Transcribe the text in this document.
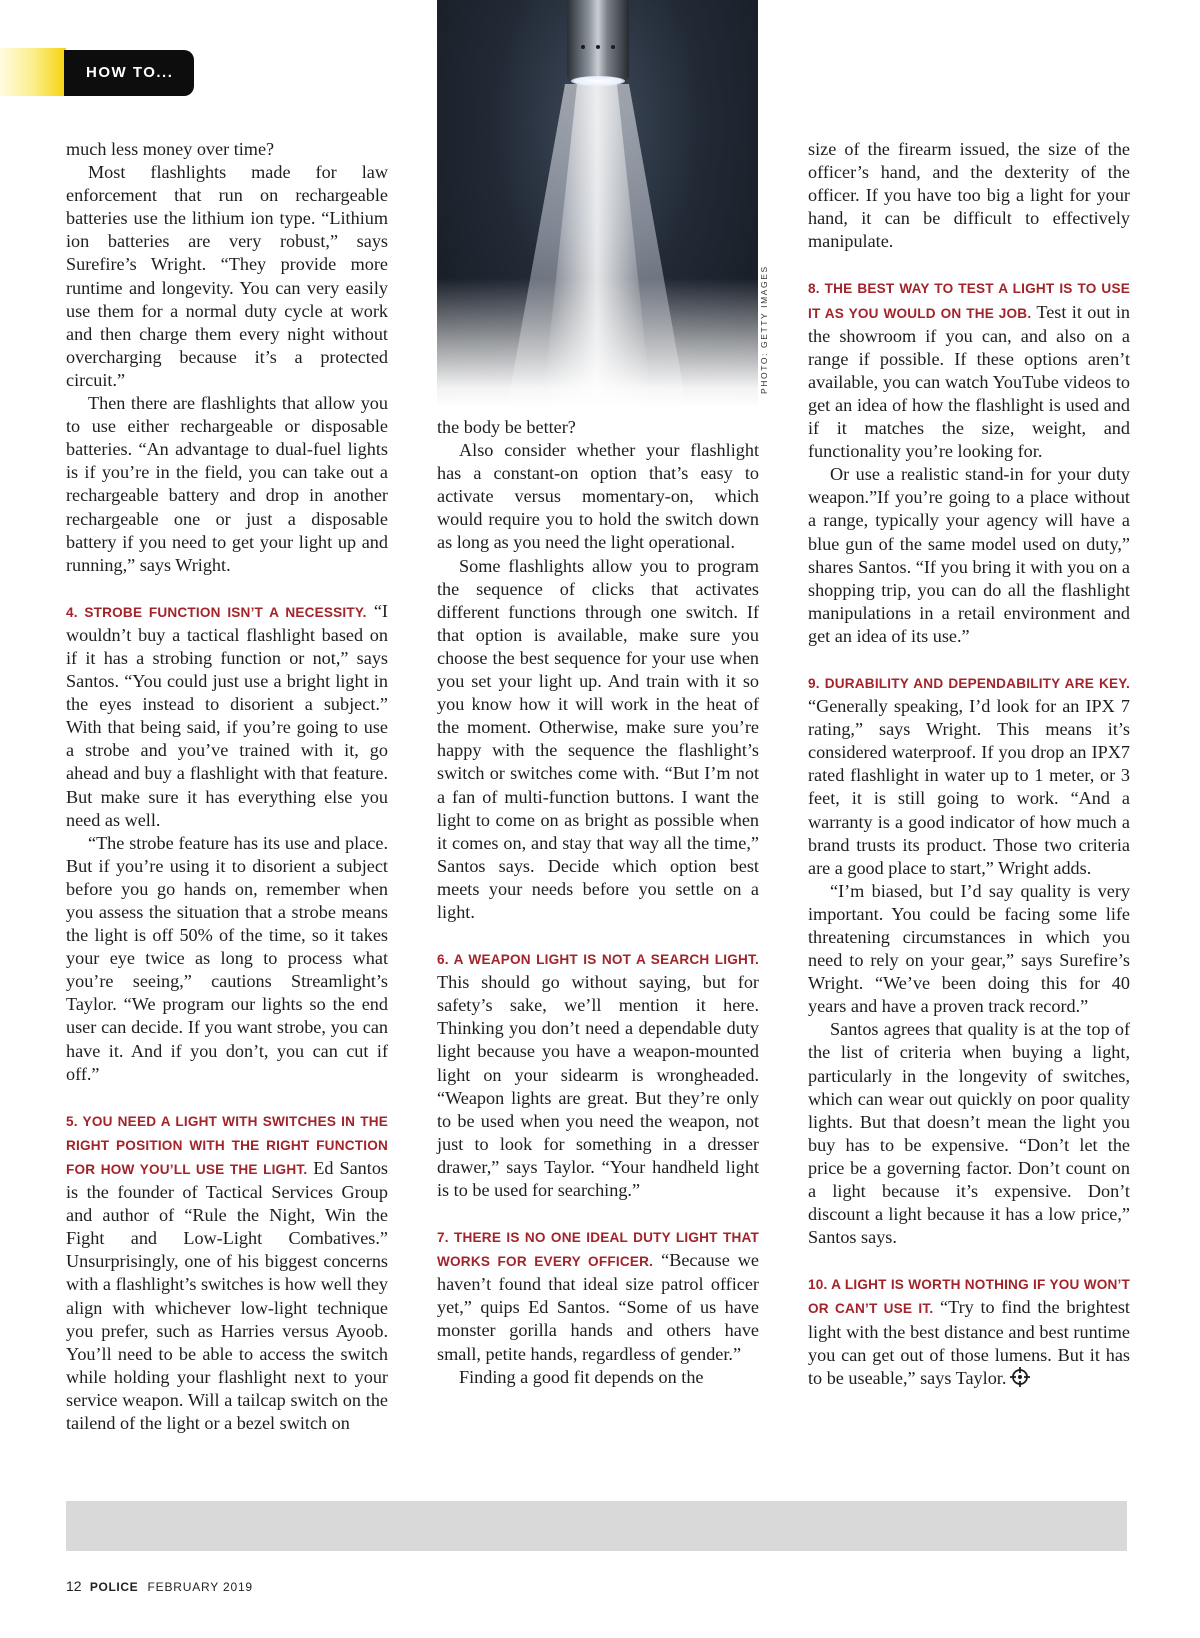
HOW TO...
PHOTO: GETTY IMAGES

much less money over time?

Most flashlights made for law enforcement that run on rechargeable batteries use the lithium ion type. “Lithium ion batteries are very robust,” says Surefire’s Wright. “They provide more runtime and longevity. You can very easily use them for a normal duty cycle at work and then charge them every night without overcharging because it’s a protected circuit.”

Then there are flashlights that allow you to use either rechargeable or disposable batteries. “An advantage to dual-fuel lights is if you’re in the field, you can take out a rechargeable battery and drop in another rechargeable one or just a disposable battery if you need to get your light up and running,” says Wright.

4. STROBE FUNCTION ISN’T A NECESSITY. “I wouldn’t buy a tactical flashlight based on if it has a strobing function or not,” says Santos. “You could just use a bright light in the eyes instead to disorient a subject.” With that being said, if you’re going to use a strobe and you’ve trained with it, go ahead and buy a flashlight with that feature. But make sure it has everything else you need as well.

“The strobe feature has its use and place. But if you’re using it to disorient a subject before you go hands on, remember when you assess the situation that a strobe means the light is off 50% of the time, so it takes your eye twice as long to process what you’re seeing,” cautions Streamlight’s Taylor. “We program our lights so the end user can decide. If you want strobe, you can have it. And if you don’t, you can cut if off.”

5. YOU NEED A LIGHT WITH SWITCHES IN THE RIGHT POSITION WITH THE RIGHT FUNCTION FOR HOW YOU’LL USE THE LIGHT. Ed Santos is the founder of Tactical Services Group and author of “Rule the Night, Win the Fight and Low-Light Combatives.” Unsurprisingly, one of his biggest concerns with a flashlight’s switches is how well they align with whichever low-light technique you prefer, such as Harries versus Ayoob. You’ll need to be able to access the switch while holding your flashlight next to your service weapon. Will a tailcap switch on the tailend of the light or a bezel switch on

the body be better?

Also consider whether your flashlight has a constant-on option that’s easy to activate versus momentary-on, which would require you to hold the switch down as long as you need the light operational.

Some flashlights allow you to program the sequence of clicks that activates different functions through one switch. If that option is available, make sure you choose the best sequence for your use when you set your light up. And train with it so you know how it will work in the heat of the moment. Otherwise, make sure you’re happy with the sequence the flashlight’s switch or switches come with. “But I’m not a fan of multi-function buttons. I want the light to come on as bright as possible when it comes on, and stay that way all the time,” Santos says. Decide which option best meets your needs before you settle on a light.

6. A WEAPON LIGHT IS NOT A SEARCH LIGHT. This should go without saying, but for safety’s sake, we’ll mention it here. Thinking you don’t need a dependable duty light because you have a weapon-mounted light on your sidearm is wrongheaded. “Weapon lights are great. But they’re only to be used when you need the weapon, not just to look for something in a dresser drawer,” says Taylor. “Your handheld light is to be used for searching.”

7. THERE IS NO ONE IDEAL DUTY LIGHT THAT WORKS FOR EVERY OFFICER. “Because we haven’t found that ideal size patrol officer yet,” quips Ed Santos. “Some of us have monster gorilla hands and others have small, petite hands, regardless of gender.”

Finding a good fit depends on the

size of the firearm issued, the size of the officer’s hand, and the dexterity of the officer. If you have too big a light for your hand, it can be difficult to effectively manipulate.

8. THE BEST WAY TO TEST A LIGHT IS TO USE IT AS YOU WOULD ON THE JOB. Test it out in the showroom if you can, and also on a range if possible. If these options aren’t available, you can watch YouTube videos to get an idea of how the flashlight is used and if it matches the size, weight, and functionality you’re looking for.

Or use a realistic stand-in for your duty weapon.”If you’re going to a place without a range, typically your agency will have a blue gun of the same model used on duty,” shares Santos. “If you bring it with you on a shopping trip, you can do all the flashlight manipulations in a retail environment and get an idea of its use.”

9. DURABILITY AND DEPENDABILITY ARE KEY. “Generally speaking, I’d look for an IPX 7 rating,” says Wright. This means it’s considered waterproof. If you drop an IPX7 rated flashlight in water up to 1 meter, or 3 feet, it is still going to work. “And a warranty is a good indicator of how much a brand trusts its product. Those two criteria are a good place to start,” Wright adds.

“I’m biased, but I’d say quality is very important. You could be facing some life threatening circumstances in which you need to rely on your gear,” says Surefire’s Wright. “We’ve been doing this for 40 years and have a proven track record.”

Santos agrees that quality is at the top of the list of criteria when buying a light, particularly in the longevity of switches, which can wear out quickly on poor quality lights. But that doesn’t mean the light you buy has to be expensive. “Don’t let the price be a governing factor. Don’t count on a light because it’s expensive. Don’t discount a light because it has a low price,” Santos says.

10. A LIGHT IS WORTH NOTHING IF YOU WON’T OR CAN’T USE IT. “Try to find the brightest light with the best distance and best runtime you can get out of those lumens. But it has to be useable,” says Taylor.

12 POLICE FEBRUARY 2019
